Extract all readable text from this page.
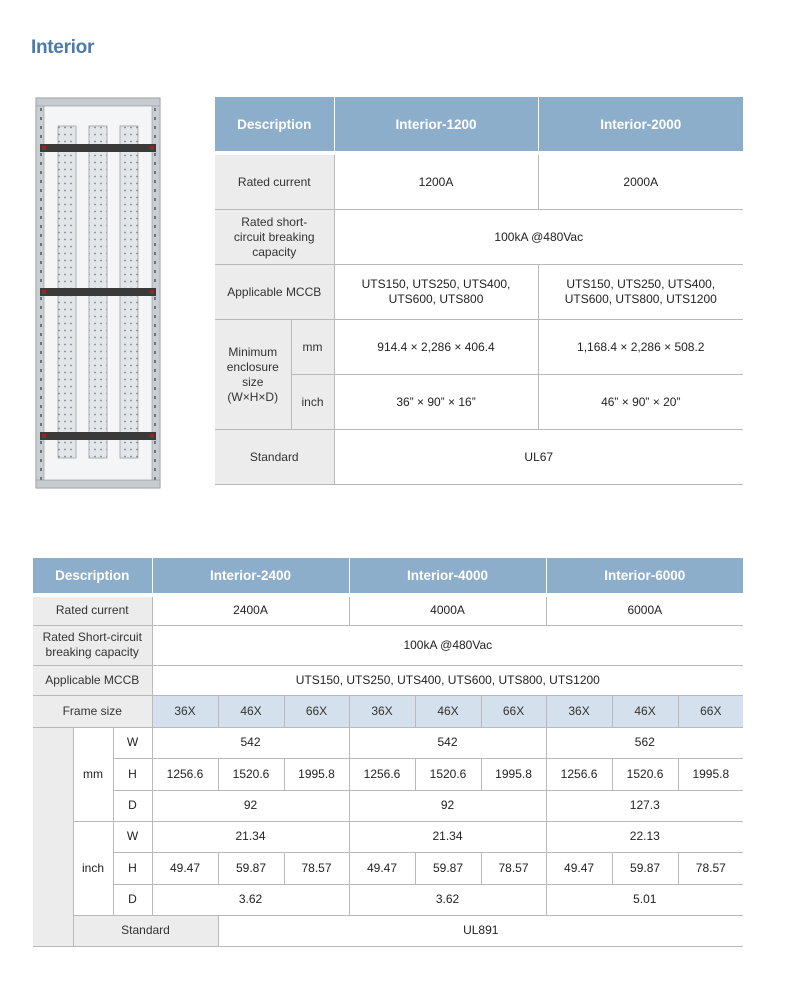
Interior
Description		Interior-1200	Interior-2000
Rated current		1200A	2000A
Rated short-circuit breaking capacity		100kA @480Vac	
Applicable MCCB		UTS150, UTS250, UTS400, UTS600, UTS800	UTS150, UTS250, UTS400, UTS600, UTS800, UTS1200
Minimum enclosure size (W×H×D)	mm	914.4 × 2,286 × 406.4	1,168.4 × 2,286 × 508.2
	inch	36” × 90” × 16”	46” × 90” × 20”
Standard		UL67	
Description			Interior-2400			Interior-4000			Interior-6000		
Rated current			2400A			4000A			6000A		
Rated Short-circuit breaking capacity			100kA @480Vac								
Applicable MCCB			UTS150, UTS250, UTS400, UTS600, UTS800, UTS1200								
Frame size			36X	46X	66X	36X	46X	66X	36X	46X	66X
	mm	W	542			542			562		
		H	1256.6	1520.6	1995.8	1256.6	1520.6	1995.8	1256.6	1520.6	1995.8
		D	92			92			127.3		
	inch	W	21.34			21.34			22.13		
		H	49.47	59.87	78.57	49.47	59.87	78.57	49.47	59.87	78.57
		D	3.62			3.62			5.01		
	Standard			UL891							
